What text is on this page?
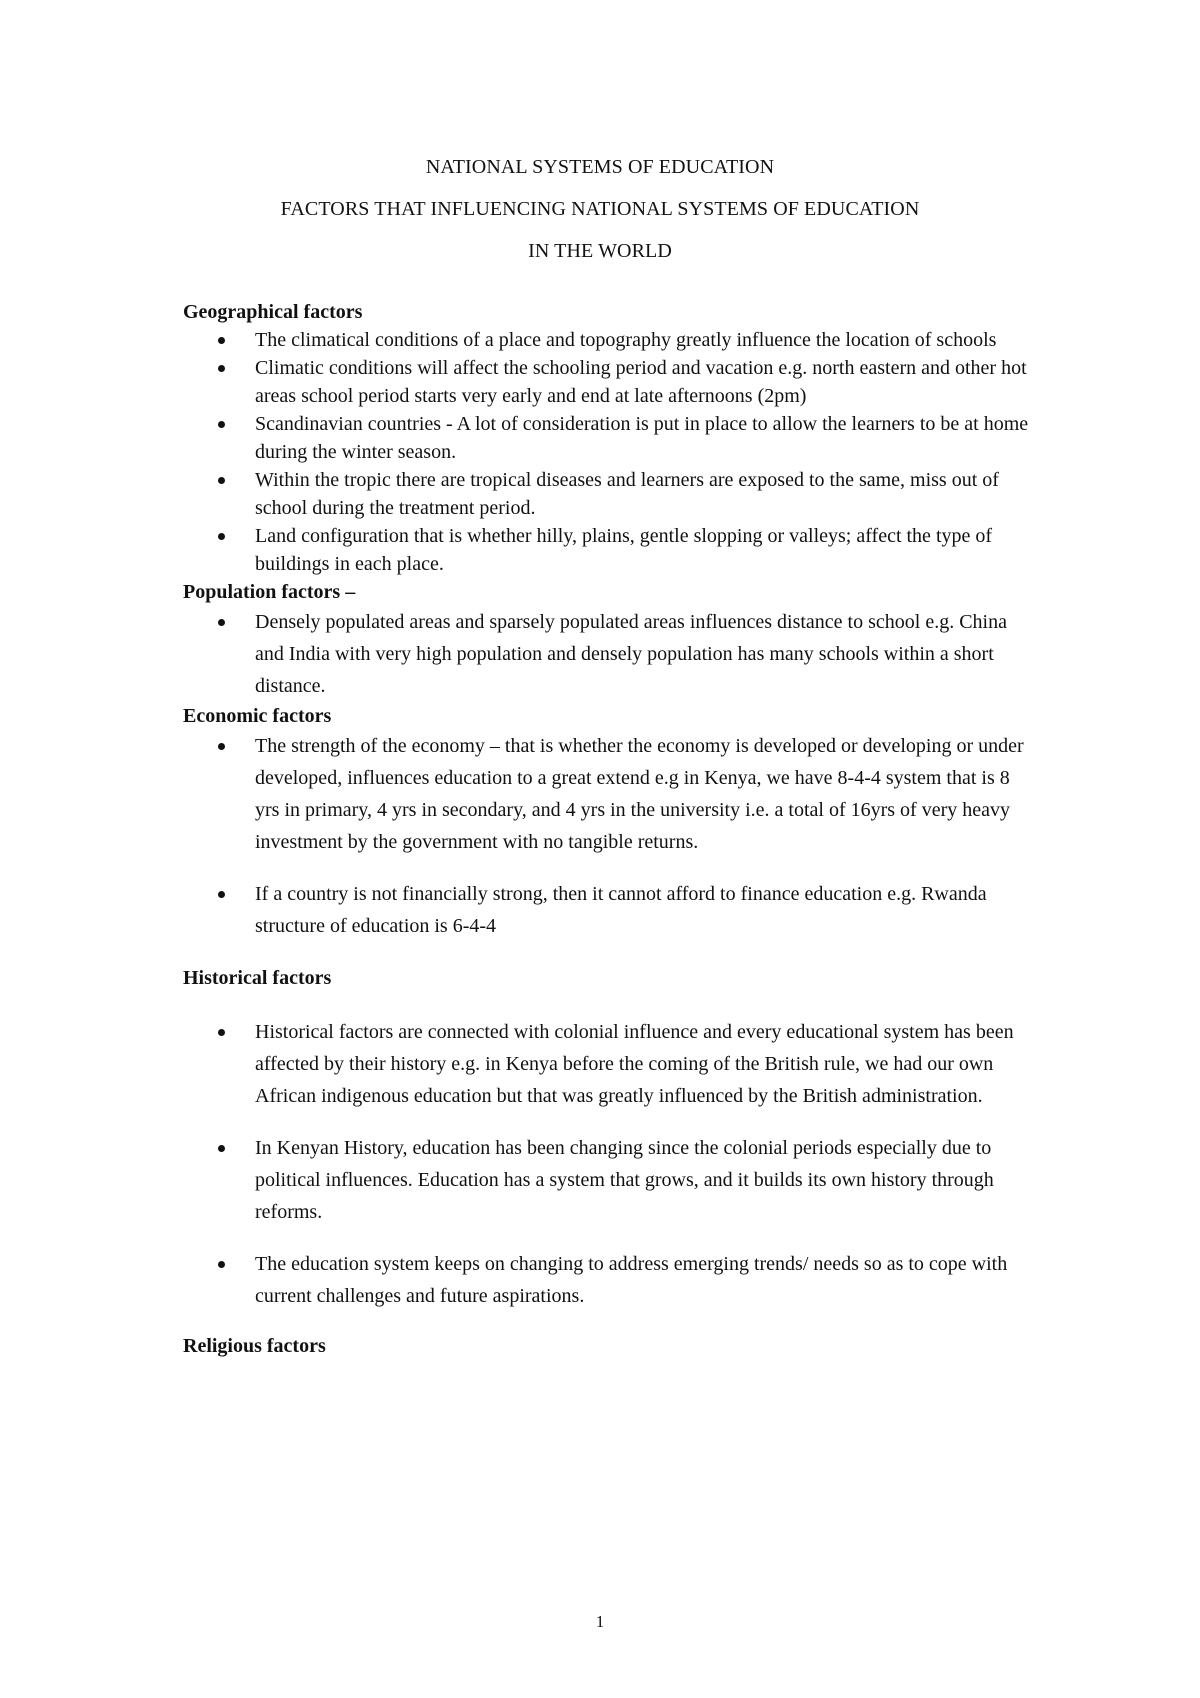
NATIONAL SYSTEMS OF EDUCATION
FACTORS THAT INFLUENCING NATIONAL SYSTEMS OF EDUCATION
IN THE WORLD

Geographical factors

The climatical conditions of a place and topography greatly influence the location of schools
Climatic conditions will affect the schooling period and vacation e.g. north eastern and other hot areas school period starts very early and end at late afternoons (2pm)
Scandinavian countries - A lot of consideration is put in place to allow the learners to be at home during the winter season.
Within the tropic there are tropical diseases and learners are exposed to the same, miss out of school during the treatment period.
Land configuration that is whether hilly, plains, gentle slopping or valleys; affect the type of buildings in each place.

Population factors –

Densely populated areas and sparsely populated areas influences distance to school e.g. China and India with very high population and densely population has many schools within a short distance.

Economic factors

The strength of the economy – that is whether the economy is developed or developing or under developed, influences education to a great extend e.g in Kenya, we have 8-4-4 system that is 8 yrs in primary, 4 yrs in secondary, and 4 yrs in the university i.e. a total of 16yrs of very heavy investment by the government with no tangible returns.
If a country is not financially strong, then it cannot afford to finance education e.g. Rwanda structure of education is 6-4-4

Historical factors

Historical factors are connected with colonial influence and every educational system has been affected by their history e.g. in Kenya before the coming of the British rule, we had our own African indigenous education but that was greatly influenced by the British administration.
In Kenyan History, education has been changing since the colonial periods especially due to political influences. Education has a system that grows, and it builds its own history through reforms.
The education system keeps on changing to address emerging trends/ needs so as to cope with current challenges and future aspirations.

Religious factors

1
